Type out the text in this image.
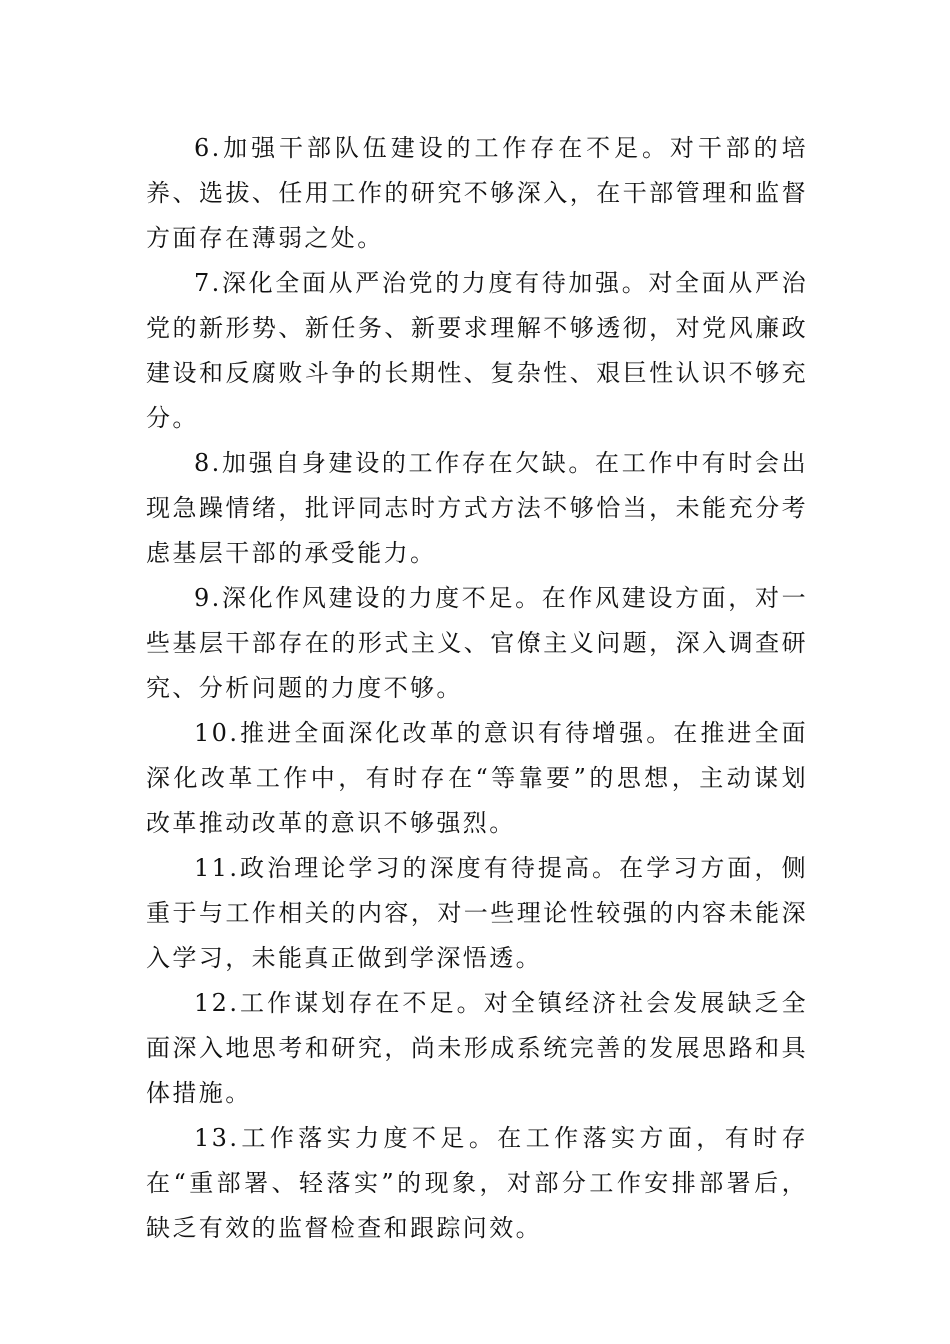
6.加强干部队伍建设的工作存在不足。对干部的培养、选拔、任用工作的研究不够深入，在干部管理和监督方面存在薄弱之处。

7.深化全面从严治党的力度有待加强。对全面从严治党的新形势、新任务、新要求理解不够透彻，对党风廉政建设和反腐败斗争的长期性、复杂性、艰巨性认识不够充分。

8.加强自身建设的工作存在欠缺。在工作中有时会出现急躁情绪，批评同志时方式方法不够恰当，未能充分考虑基层干部的承受能力。

9.深化作风建设的力度不足。在作风建设方面，对一些基层干部存在的形式主义、官僚主义问题，深入调查研究、分析问题的力度不够。

10.推进全面深化改革的意识有待增强。在推进全面深化改革工作中，有时存在“等靠要”的思想，主动谋划改革推动改革的意识不够强烈。

11.政治理论学习的深度有待提高。在学习方面，侧重于与工作相关的内容，对一些理论性较强的内容未能深入学习，未能真正做到学深悟透。

12.工作谋划存在不足。对全镇经济社会发展缺乏全面深入地思考和研究，尚未形成系统完善的发展思路和具体措施。

13.工作落实力度不足。在工作落实方面，有时存在“重部署、轻落实”的现象，对部分工作安排部署后，缺乏有效的监督检查和跟踪问效。
